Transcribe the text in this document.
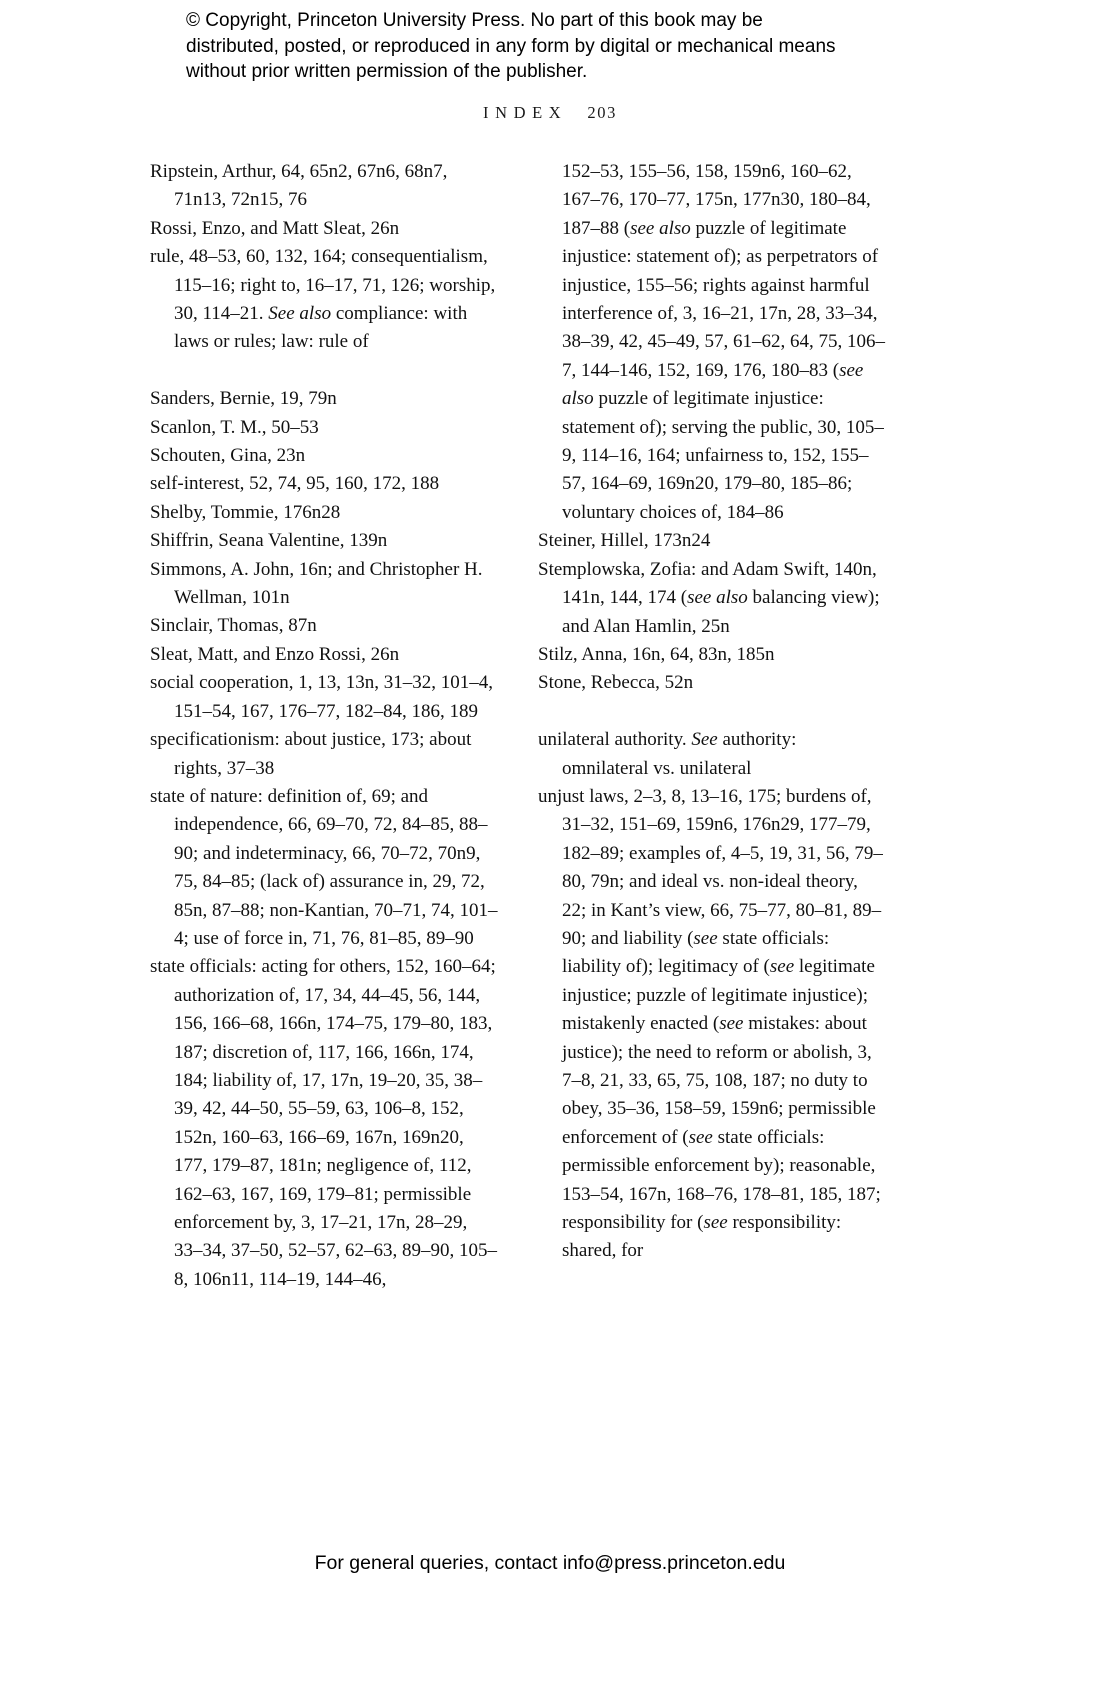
© Copyright, Princeton University Press. No part of this book may be distributed, posted, or reproduced in any form by digital or mechanical means without prior written permission of the publisher.
INDEX 203

Ripstein, Arthur, 64, 65n2, 67n6, 68n7, 71n13, 72n15, 76

Rossi, Enzo, and Matt Sleat, 26n

rule, 48–53, 60, 132, 164; consequentialism, 115–16; right to, 16–17, 71, 126; worship, 30, 114–21. See also compliance: with laws or rules; law: rule of

Sanders, Bernie, 19, 79n

Scanlon, T. M., 50–53

Schouten, Gina, 23n

self-interest, 52, 74, 95, 160, 172, 188

Shelby, Tommie, 176n28

Shiffrin, Seana Valentine, 139n

Simmons, A. John, 16n; and Christopher H. Wellman, 101n

Sinclair, Thomas, 87n

Sleat, Matt, and Enzo Rossi, 26n

social cooperation, 1, 13, 13n, 31–32, 101–4, 151–54, 167, 176–77, 182–84, 186, 189

specificationism: about justice, 173; about rights, 37–38

state of nature: definition of, 69; and independence, 66, 69–70, 72, 84–85, 88–90; and indeterminacy, 66, 70–72, 70n9, 75, 84–85; (lack of) assurance in, 29, 72, 85n, 87–88; non-Kantian, 70–71, 74, 101–4; use of force in, 71, 76, 81–85, 89–90

state officials: acting for others, 152, 160–64; authorization of, 17, 34, 44–45, 56, 144, 156, 166–68, 166n, 174–75, 179–80, 183, 187; discretion of, 117, 166, 166n, 174, 184; liability of, 17, 17n, 19–20, 35, 38–39, 42, 44–50, 55–59, 63, 106–8, 152, 152n, 160–63, 166–69, 167n, 169n20, 177, 179–87, 181n; negligence of, 112, 162–63, 167, 169, 179–81; permissible enforcement by, 3, 17–21, 17n, 28–29, 33–34, 37–50, 52–57, 62–63, 89–90, 105–8, 106n11, 114–19, 144–46,

152–53, 155–56, 158, 159n6, 160–62, 167–76, 170–77, 175n, 177n30, 180–84, 187–88 (see also puzzle of legitimate injustice: statement of); as perpetrators of injustice, 155–56; rights against harmful interference of, 3, 16–21, 17n, 28, 33–34, 38–39, 42, 45–49, 57, 61–62, 64, 75, 106–7, 144–146, 152, 169, 176, 180–83 (see also puzzle of legitimate injustice: statement of); serving the public, 30, 105–9, 114–16, 164; unfairness to, 152, 155–57, 164–69, 169n20, 179–80, 185–86; voluntary choices of, 184–86

Steiner, Hillel, 173n24

Stemplowska, Zofia: and Adam Swift, 140n, 141n, 144, 174 (see also balancing view); and Alan Hamlin, 25n

Stilz, Anna, 16n, 64, 83n, 185n

Stone, Rebecca, 52n

unilateral authority. See authority: omnilateral vs. unilateral

unjust laws, 2–3, 8, 13–16, 175; burdens of, 31–32, 151–69, 159n6, 176n29, 177–79, 182–89; examples of, 4–5, 19, 31, 56, 79–80, 79n; and ideal vs. non-ideal theory, 22; in Kant’s view, 66, 75–77, 80–81, 89–90; and liability (see state officials: liability of); legitimacy of (see legitimate injustice; puzzle of legitimate injustice); mistakenly enacted (see mistakes: about justice); the need to reform or abolish, 3, 7–8, 21, 33, 65, 75, 108, 187; no duty to obey, 35–36, 158–59, 159n6; permissible enforcement of (see state officials: permissible enforcement by); reasonable, 153–54, 167n, 168–76, 178–81, 185, 187; responsibility for (see responsibility: shared, for

For general queries, contact info@press.princeton.edu
